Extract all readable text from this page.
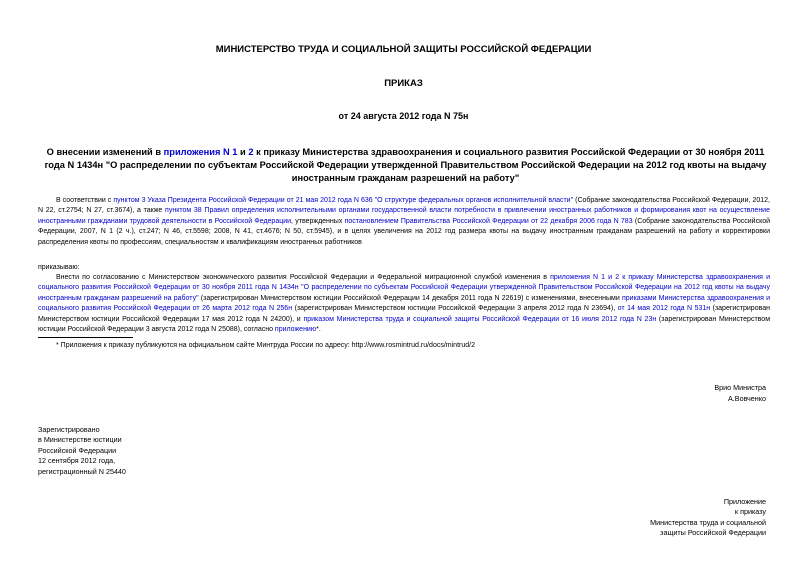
МИНИСТЕРСТВО ТРУДА И СОЦИАЛЬНОЙ ЗАЩИТЫ РОССИЙСКОЙ ФЕДЕРАЦИИ
ПРИКАЗ
от 24 августа 2012 года N 75н
О внесении изменений в приложения N 1 и 2 к приказу Министерства здравоохранения и социального развития Российской Федерации от 30 ноября 2011 года N 1434н "О распределении по субъектам Российской Федерации утвержденной Правительством Российской Федерации на 2012 год квоты на выдачу иностранным гражданам разрешений на работу"
В соответствии с пунктом 3 Указа Президента Российской Федерации от 21 мая 2012 года N 636 "О структуре федеральных органов исполнительной власти" (Собрание законодательства Российской Федерации, 2012, N 22, ст.2754; N 27, ст.3674), а также пунктом 38 Правил определения исполнительными органами государственной власти потребности в привлечении иностранных работников и формирования квот на осуществление иностранными гражданами трудовой деятельности в Российской Федерации, утвержденных постановлением Правительства Российской Федерации от 22 декабря 2006 года N 783 (Собрание законодательства Российской Федерации, 2007, N 1 (2 ч.), ст.247; N 46, ст.5598; 2008, N 41, ст.4676; N 50, ст.5945), и в целях увеличения на 2012 год размера квоты на выдачу иностранным гражданам разрешений на работу и корректировки распределения квоты по профессиям, специальностям и квалификациям иностранных работников
приказываю:
Внести по согласованию с Министерством экономического развития Российской Федерации и Федеральной миграционной службой изменения в приложения N 1 и 2 к приказу Министерства здравоохранения и социального развития Российской Федерации от 30 ноября 2011 года N 1434н "О распределении по субъектам Российской Федерации утвержденной Правительством Российской Федерации на 2012 год квоты на выдачу иностранным гражданам разрешений на работу" (зарегистрирован Министерством юстиции Российской Федерации 14 декабря 2011 года N 22619) с изменениями, внесенными приказами Министерства здравоохранения и социального развития Российской Федерации от 26 марта 2012 года N 256н (зарегистрирован Министерством юстиции Российской Федерации 3 апреля 2012 года N 23694), от 14 мая 2012 года N 531н (зарегистрирован Министерством юстиции Российской Федерации 17 мая 2012 года N 24200), и приказом Министерства труда и социальной защиты Российской Федерации от 16 июля 2012 года N 23н (зарегистрирован Министерством юстиции Российской Федерации 3 августа 2012 года N 25088), согласно приложению*.
* Приложения к приказу публикуются на официальном сайте Минтруда России по адресу: http://www.rosmintrud.ru/docs/mintrud/2
Врио Министра
А.Вовченко
Зарегистрировано
в Министерстве юстиции
Российской Федерации
12 сентября 2012 года,
регистрационный N 25440
Приложение
к приказу
Министерства труда и социальной
защиты Российской Федерации
